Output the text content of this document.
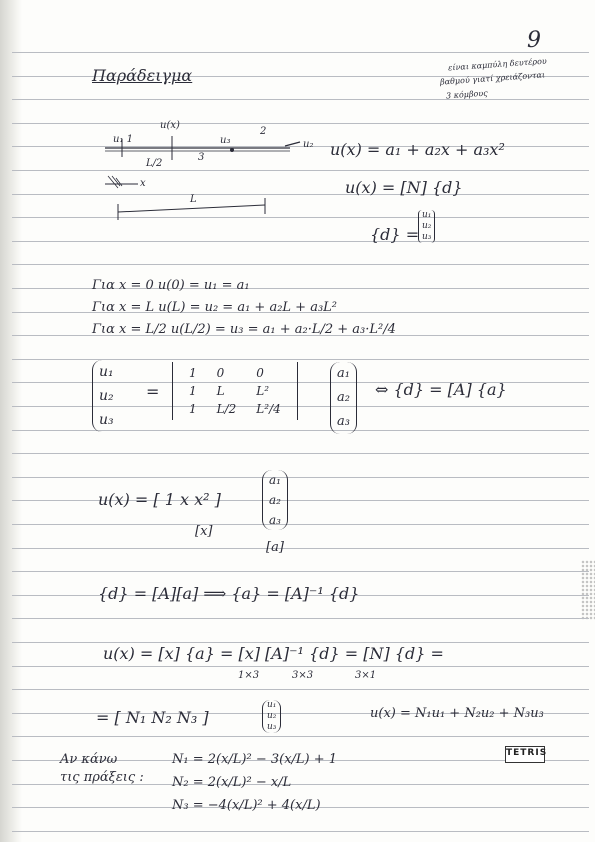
9
Παράδειγμα
είναι καμπύλη δευτέρου
βαθμού γιατί χρειάζονται
3 κόμβους
u(x)
u₁ 1
2
u₂
u₃
3
L/2
x
L
u(x) = a₁ + a₂x + a₃x²
u(x) = [N] {d}
{d} =
u₁
u₂
u₃
Για x = 0 u(0) = u₁ = a₁
Για x = L u(L) = u₂ = a₁ + a₂L + a₃L²
Για x = L/2 u(L/2) = u₃ = a₁ + a₂·L/2 + a₃·L²/4
u₁
u₂
u₃
=
1	0	0
1	L	L²
1	L/2	L²/4
a₁
a₂
a₃
⇔ {d} = [A] {a}
u(x) = [ 1 x x² ]
a₁
a₂
a₃
[x]
[a]
{d} = [A][a] ⟹ {a} = [A]⁻¹ {d}
u(x) = [x] {a} = [x] [A]⁻¹ {d} = [N] {d} =
1×3	3×3	3×1
= [ N₁ N₂ N₃ ]
u₁
u₂
u₃
u(x) = N₁u₁ + N₂u₂ + N₃u₃
Αν κάνω
τις πράξεις :
N₁ = 2(x/L)² − 3(x/L) + 1
N₂ = 2(x/L)² − x/L
N₃ = −4(x/L)² + 4(x/L)
TETRIS
